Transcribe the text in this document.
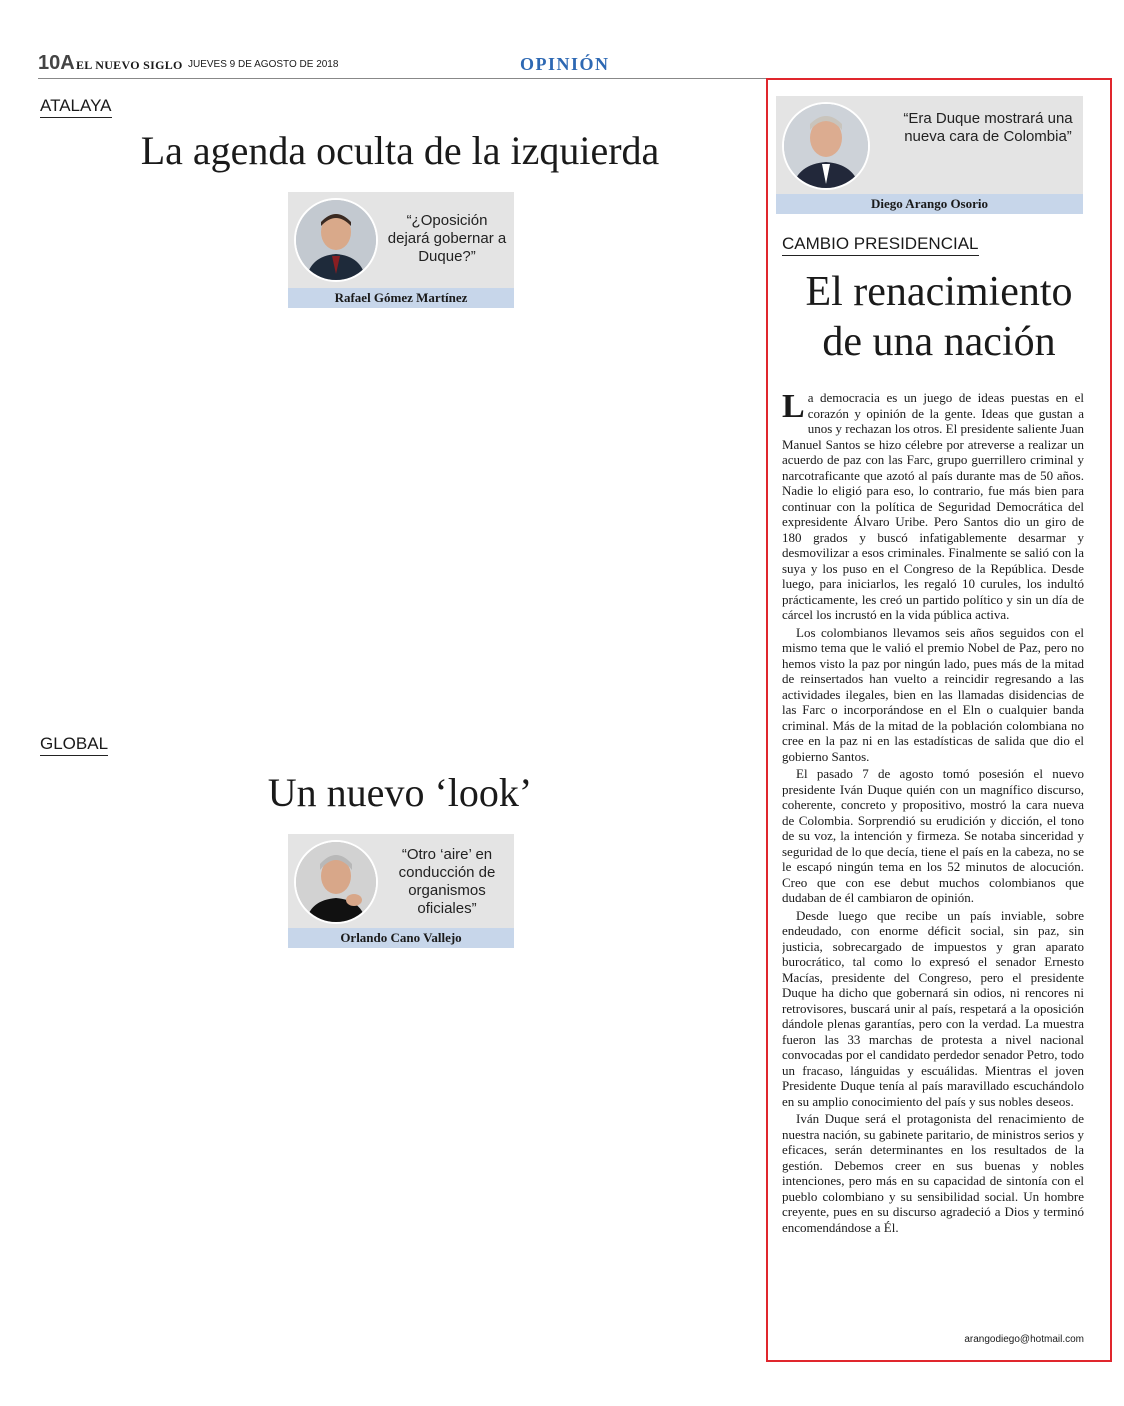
10A EL NUEVO SIGLO JUEVES 9 DE AGOSTO DE 2018	OPINIÓN
ATALAYA
La agenda oculta de la izquierda

“¿Oposición dejará gobernar a Duque?”
Rafael Gómez Martínez

GLOBAL
Un nuevo ‘look’

“Otro ‘aire’ en conducción de organismos oficiales”
Orlando Cano Vallejo

“Era Duque mostrará una nueva cara de Colombia”
Diego Arango Osorio
CAMBIO PRESIDENCIAL
El renacimiento
de una nación

La democracia es un juego de ideas puestas en el corazón y opinión de la gente. Ideas que gustan a unos y rechazan los otros. El presidente saliente Juan Manuel Santos se hizo célebre por atreverse a realizar un acuerdo de paz con las Farc, grupo guerrillero criminal y narcotraficante que azotó al país durante mas de 50 años. Nadie lo eligió para eso, lo contrario, fue más bien para continuar con la política de Seguridad Democrática del expresidente Álvaro Uribe. Pero Santos dio un giro de 180 grados y buscó infatigablemente desarmar y desmovilizar a esos criminales. Finalmente se salió con la suya y los puso en el Congreso de la República. Desde luego, para iniciarlos, les regaló 10 curules, los indultó prácticamente, les creó un partido político y sin un día de cárcel los incrustó en la vida pública activa.

Los colombianos llevamos seis años seguidos con el mismo tema que le valió el premio Nobel de Paz, pero no hemos visto la paz por ningún lado, pues más de la mitad de reinsertados han vuelto a reincidir regresando a las actividades ilegales, bien en las llamadas disidencias de las Farc o incorporándose en el Eln o cualquier banda criminal. Más de la mitad de la población colombiana no cree en la paz ni en las estadísticas de salida que dio el gobierno Santos.

El pasado 7 de agosto tomó posesión el nuevo presidente Iván Duque quién con un magnífico discurso, coherente, concreto y propositivo, mostró la cara nueva de Colombia. Sorprendió su erudición y dicción, el tono de su voz, la intención y firmeza. Se notaba sinceridad y seguridad de lo que decía, tiene el país en la cabeza, no se le escapó ningún tema en los 52 minutos de alocución. Creo que con ese debut muchos colombianos que dudaban de él cambiaron de opinión.

Desde luego que recibe un país inviable, sobre endeudado, con enorme déficit social, sin paz, sin justicia, sobrecargado de impuestos y gran aparato burocrático, tal como lo expresó el senador Ernesto Macías, presidente del Congreso, pero el presidente Duque ha dicho que gobernará sin odios, ni rencores ni retrovisores, buscará unir al país, respetará a la oposición dándole plenas garantías, pero con la verdad. La muestra fueron las 33 marchas de protesta a nivel nacional convocadas por el candidato perdedor senador Petro, todo un fracaso, lánguidas y escuálidas. Mientras el joven Presidente Duque tenía al país maravillado escuchándolo en su amplio conocimiento del país y sus nobles deseos.

Iván Duque será el protagonista del renacimiento de nuestra nación, su gabinete paritario, de ministros serios y eficaces, serán determinantes en los resultados de la gestión. Debemos creer en sus buenas y nobles intenciones, pero más en su capacidad de sintonía con el pueblo colombiano y su sensibilidad social. Un hombre creyente, pues en su discurso agradeció a Dios y terminó encomendándose a Él.

arangodiego@hotmail.com
